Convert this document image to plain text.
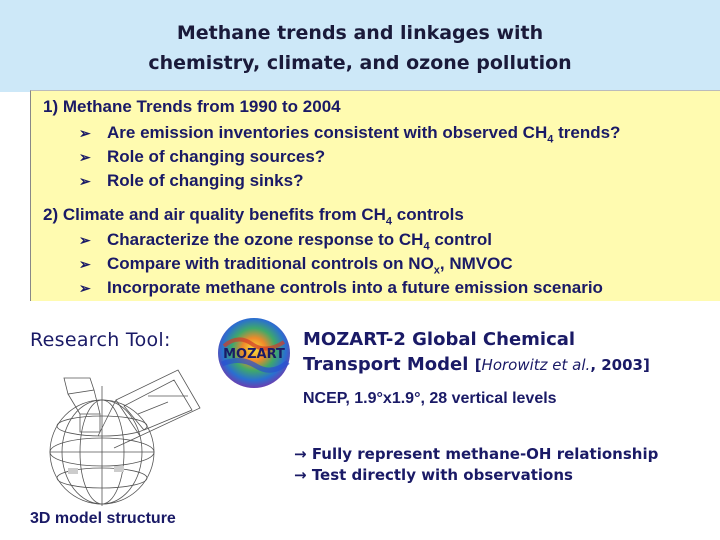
Methane trends and linkages with
chemistry, climate, and ozone pollution
1) Methane Trends from 1990 to 2004
➢ Are emission inventories consistent with observed $CH_4$ trends?
➢ Role of changing sources?
➢ Role of changing sinks?
2) Climate and air quality benefits from $CH_4$ controls
➢ Characterize the ozone response to $CH_4$ control
➢ Compare with traditional controls on $NO_x$, NMVOC
➢ Incorporate methane controls into a future emission scenario
Research Tool:
MOZART
MOZART-2 Global Chemical
Transport Model [Horowitz et al., 2003]
NCEP, 1.9°x1.9°, 28 vertical levels
→ Fully represent methane-OH relationship
→ Test directly with observations
3D model structure
